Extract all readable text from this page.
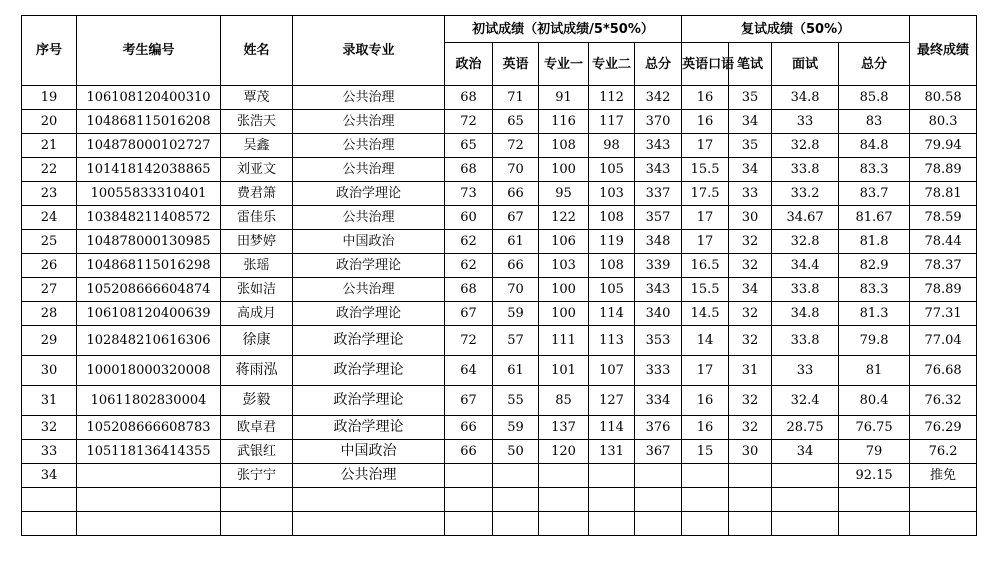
序号	考生编号	姓名	录取专业	初试成绩（初试成绩/5*50%）					复试成绩（50%）				最终成绩
				政治	英语	专业一	专业二	总分	英语口语	笔试	面试	总分	
19	106108120400310	覃茂	公共治理	68	71	91	112	342	16	35	34.8	85.8	80.58
20	104868115016208	张浩天	公共治理	72	65	116	117	370	16	34	33	83	80.3
21	104878000102727	吴鑫	公共治理	65	72	108	98	343	17	35	32.8	84.8	79.94
22	101418142038865	刘亚文	公共治理	68	70	100	105	343	15.5	34	33.8	83.3	78.89
23	10055833310401	费君箫	政治学理论	73	66	95	103	337	17.5	33	33.2	83.7	78.81
24	103848211408572	雷佳乐	公共治理	60	67	122	108	357	17	30	34.67	81.67	78.59
25	104878000130985	田梦婷	中国政治	62	61	106	119	348	17	32	32.8	81.8	78.44
26	104868115016298	张瑶	政治学理论	62	66	103	108	339	16.5	32	34.4	82.9	78.37
27	105208666604874	张如洁	公共治理	68	70	100	105	343	15.5	34	33.8	83.3	78.89
28	106108120400639	高成月	政治学理论	67	59	100	114	340	14.5	32	34.8	81.3	77.31
29	102848210616306	徐康	政治学理论	72	57	111	113	353	14	32	33.8	79.8	77.04
30	100018000320008	蒋雨泓	政治学理论	64	61	101	107	333	17	31	33	81	76.68
31	10611802830004	彭毅	政治学理论	67	55	85	127	334	16	32	32.4	80.4	76.32
32	105208666608783	欧卓君	政治学理论	66	59	137	114	376	16	32	28.75	76.75	76.29
33	105118136414355	武银红	中国政治	66	50	120	131	367	15	30	34	79	76.2
34		张宁宁	公共治理									92.15	推免
